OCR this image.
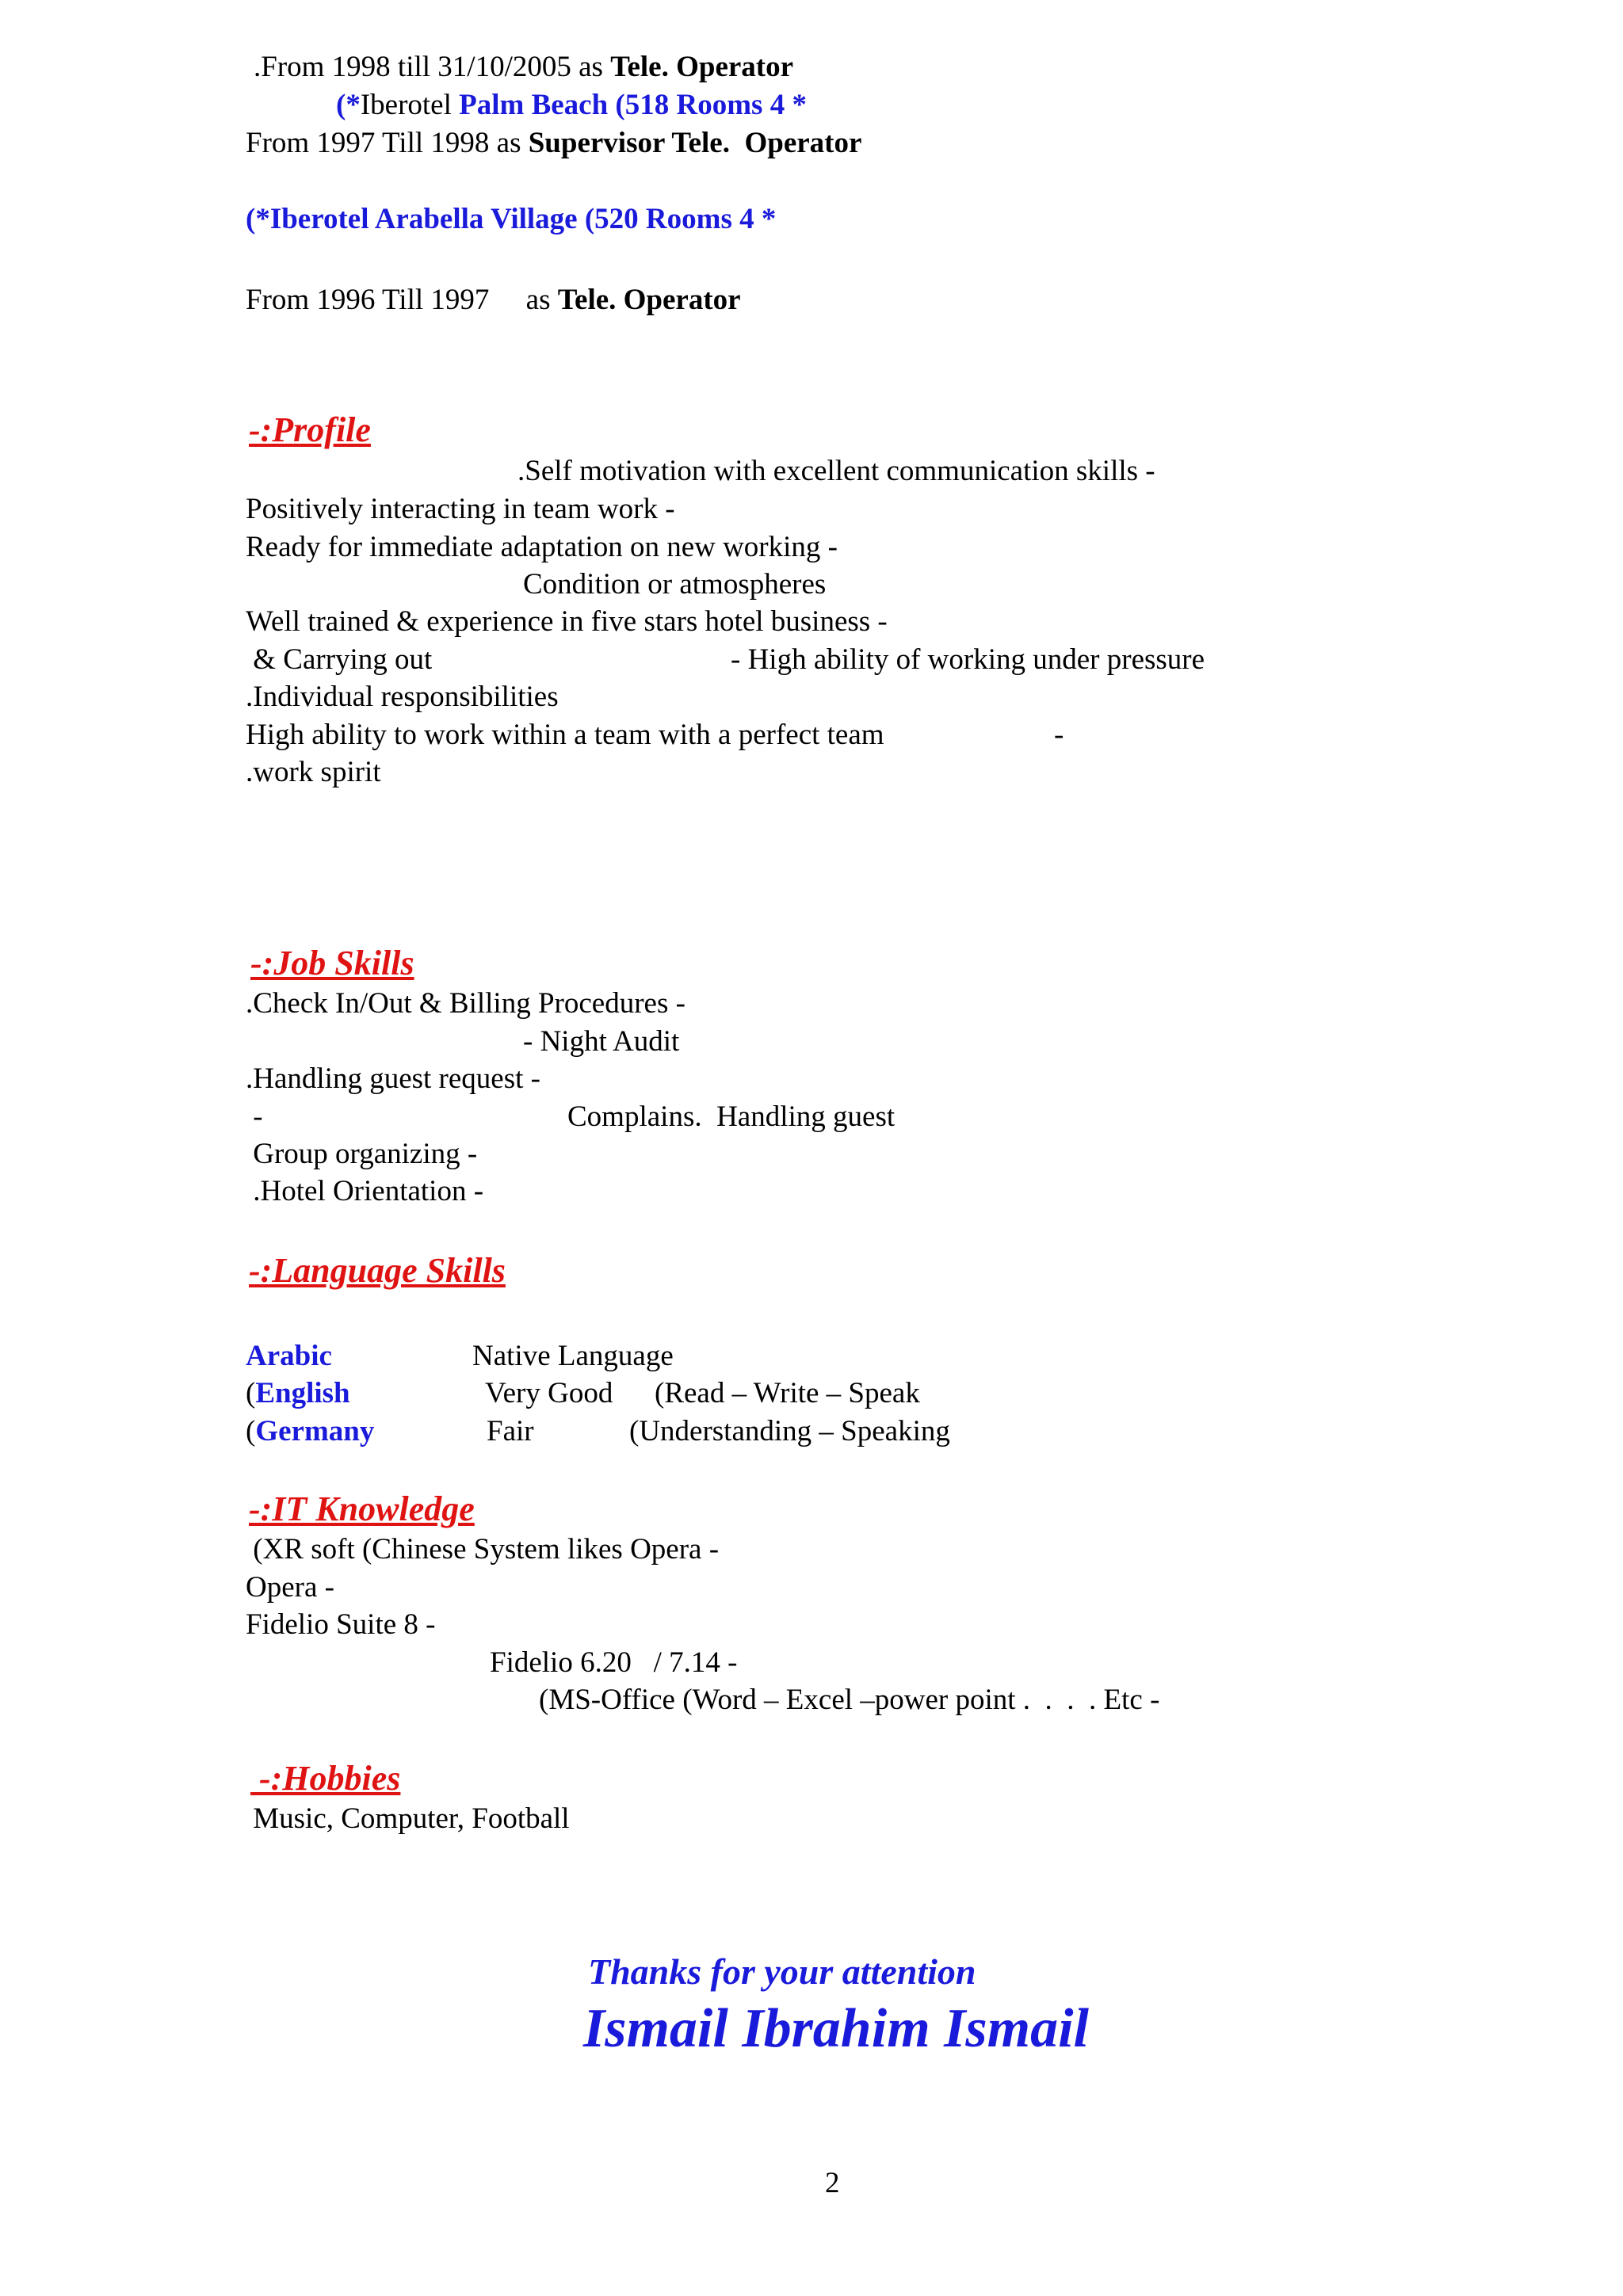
.From 1998 till 31/10/2005 as Tele. Operator
(*Iberotel Palm Beach (518 Rooms 4 *
From 1997 Till 1998 as Supervisor Tele.  Operator
(*Iberotel Arabella Village (520 Rooms 4 *
From 1996 Till 1997     as Tele. Operator
-:Profile
.Self motivation with excellent communication skills -
Positively interacting in team work -
Ready for immediate adaptation on new working -
Condition or atmospheres
Well trained & experience in five stars hotel business -
& Carrying out	- High ability of working under pressure
.Individual responsibilities
High ability to work within a team with a perfect team	-
.work spirit
-:Job Skills
.Check In/Out & Billing Procedures -
- Night Audit
.Handling guest request -
-	Complains.  Handling guest
Group organizing -
.Hotel Orientation -
-:Language Skills
Arabic	Native Language
(English	Very Good (Read – Write – Speak
(Germany	Fair	(Understanding – Speaking
-:IT Knowledge
(XR soft (Chinese System likes Opera -
Opera -
Fidelio Suite 8 -
Fidelio 6.20   / 7.14 -
(MS-Office (Word – Excel –power point .  .  .  . Etc -
-:Hobbies
Music, Computer, Football
Thanks for your attention
Ismail Ibrahim Ismail
2
